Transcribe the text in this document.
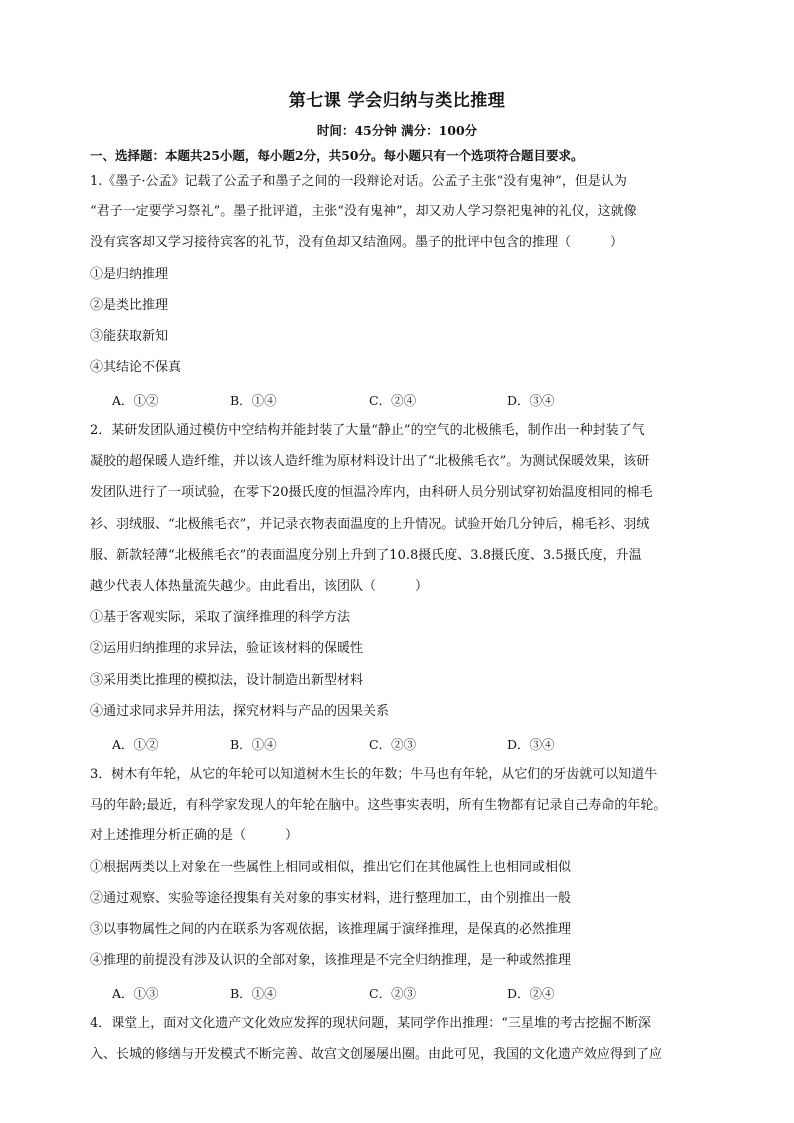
第七课 学会归纳与类比推理
时间：45分钟 满分：100分
一、选择题：本题共25小题，每小题2分，共50分。每小题只有一个选项符合题目要求。
1.《墨子·公孟》记载了公孟子和墨子之间的一段辩论对话。公孟子主张“没有鬼神”，但是认为
“君子一定要学习祭礼”。墨子批评道，主张“没有鬼神”，却又劝人学习祭祀鬼神的礼仪，这就像
没有宾客却又学习接待宾客的礼节，没有鱼却又结渔网。墨子的批评中包含的推理（　　　）
①是归纳推理
②是类比推理
③能获取新知
④其结论不保真
A．①②	B．①④	C．②④	D．③④
2．某研发团队通过模仿中空结构并能封装了大量“静止”的空气的北极熊毛，制作出一种封装了气
凝胶的超保暖人造纤维，并以该人造纤维为原材料设计出了“北极熊毛衣”。为测试保暖效果，该研
发团队进行了一项试验，在零下20摄氏度的恒温冷库内，由科研人员分别试穿初始温度相同的棉毛
衫、羽绒服、“北极熊毛衣”，并记录衣物表面温度的上升情况。试验开始几分钟后，棉毛衫、羽绒
服、新款轻薄“北极熊毛衣”的表面温度分别上升到了10.8摄氏度、3.8摄氏度、3.5摄氏度，升温
越少代表人体热量流失越少。由此看出，该团队（　　　）
①基于客观实际，采取了演绎推理的科学方法
②运用归纳推理的求异法，验证该材料的保暖性
③采用类比推理的模拟法，设计制造出新型材料
④通过求同求异并用法，探究材料与产品的因果关系
A．①②	B．①④	C．②③	D．③④
3．树木有年轮，从它的年轮可以知道树木生长的年数；牛马也有年轮，从它们的牙齿就可以知道牛
马的年龄;最近，有科学家发现人的年轮在脑中。这些事实表明，所有生物都有记录自己寿命的年轮。
对上述推理分析正确的是（　　　）
①根据两类以上对象在一些属性上相同或相似，推出它们在其他属性上也相同或相似
②通过观察、实验等途径搜集有关对象的事实材料，进行整理加工，由个别推出一般
③以事物属性之间的内在联系为客观依据，该推理属于演绎推理，是保真的必然推理
④推理的前提没有涉及认识的全部对象，该推理是不完全归纳推理，是一种或然推理
A．①③	B．①④	C．②③	D．②④
4．课堂上，面对文化遗产文化效应发挥的现状问题，某同学作出推理：“三星堆的考古挖掘不断深
入、长城的修缮与开发模式不断完善、故宫文创屡屡出圈。由此可见，我国的文化遗产效应得到了应
